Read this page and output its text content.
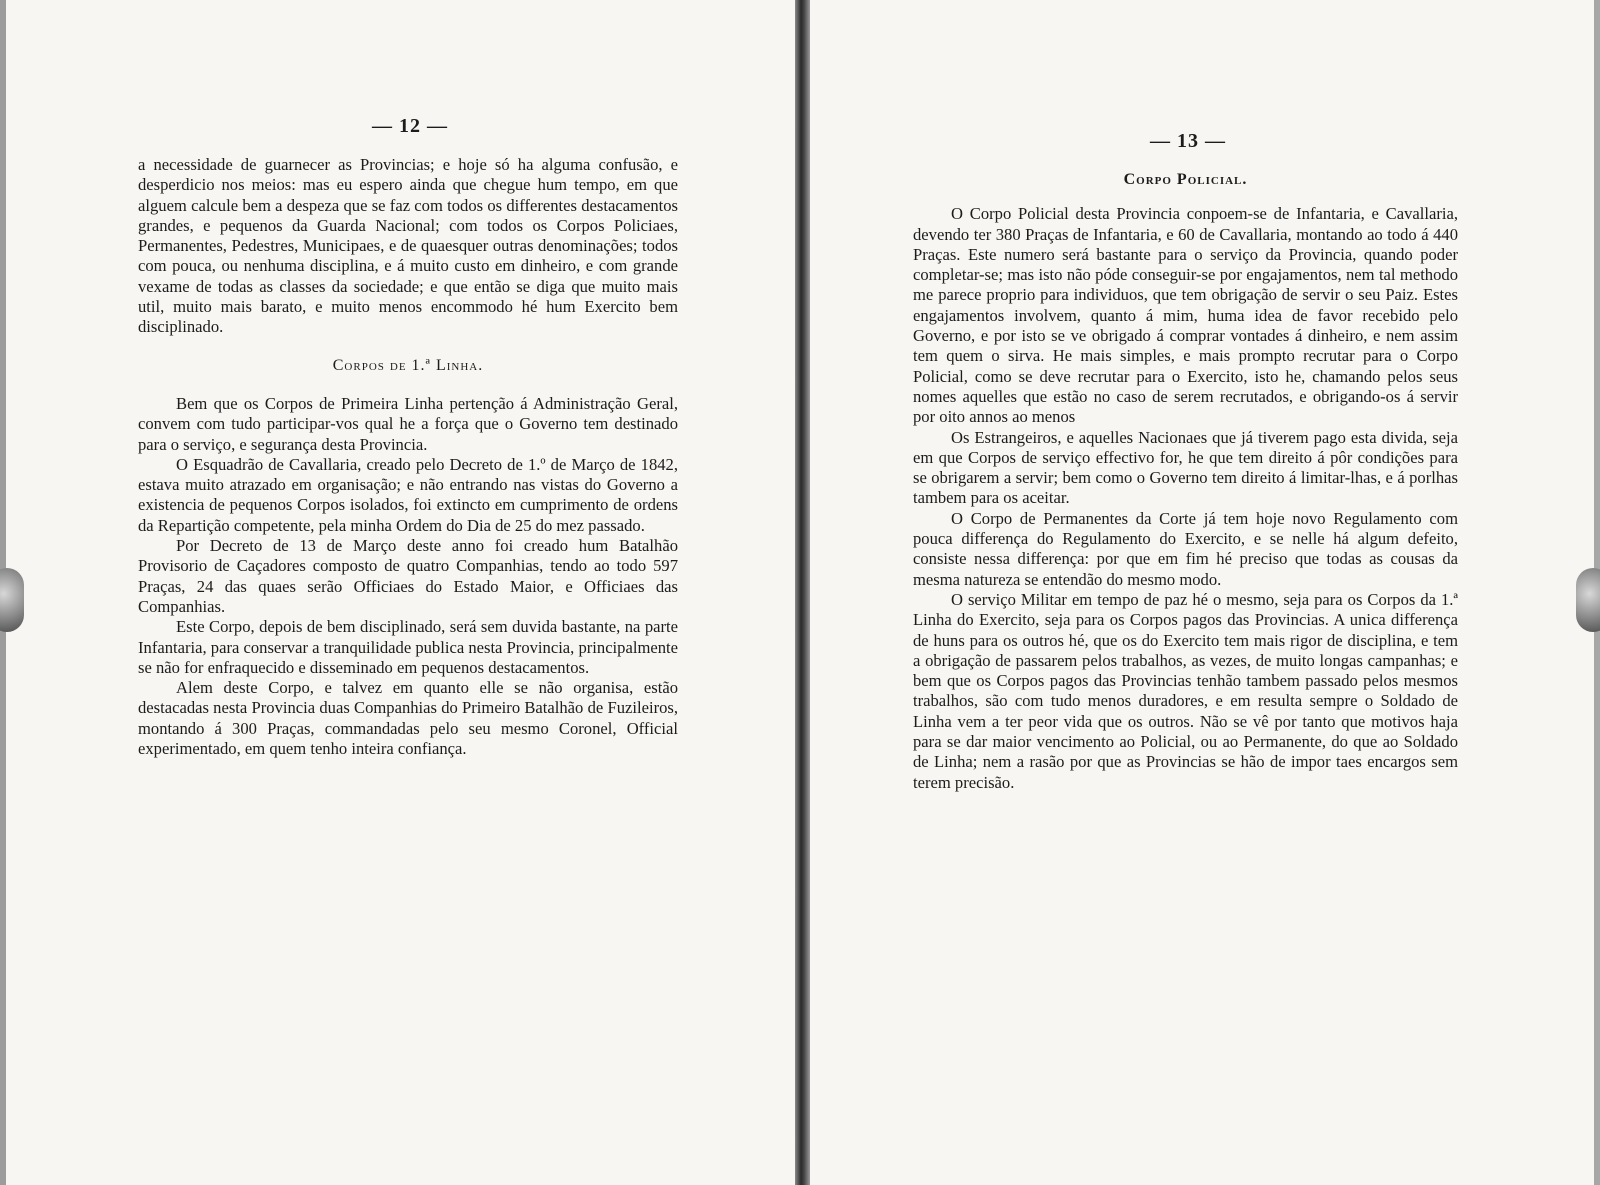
— 12 —

a necessidade de guarnecer as Provincias; e hoje só ha alguma confusão, e desperdicio nos meios: mas eu espero ainda que chegue hum tempo, em que alguem calcule bem a despeza que se faz com todos os differentes destacamentos grandes, e pequenos da Guarda Nacional; com todos os Corpos Policiaes, Permanentes, Pedestres, Municipaes, e de quaesquer outras denominações; todos com pouca, ou nenhuma disciplina, e á muito custo em dinheiro, e com grande vexame de todas as classes da sociedade; e que então se diga que muito mais util, muito mais barato, e muito menos encommodo hé hum Exercito bem disciplinado.

Corpos de 1.ª Linha.

Bem que os Corpos de Primeira Linha pertenção á Administração Geral, convem com tudo participar-vos qual he a força que o Governo tem destinado para o serviço, e segurança desta Provincia.

O Esquadrão de Cavallaria, creado pelo Decreto de 1.º de Março de 1842, estava muito atrazado em organisação; e não entrando nas vistas do Governo a existencia de pequenos Corpos isolados, foi extincto em cumprimento de ordens da Repartição competente, pela minha Ordem do Dia de 25 do mez passado.

Por Decreto de 13 de Março deste anno foi creado hum Batalhão Provisorio de Caçadores composto de quatro Companhias, tendo ao todo 597 Praças, 24 das quaes serão Officiaes do Estado Maior, e Officiaes das Companhias.

Este Corpo, depois de bem disciplinado, será sem duvida bastante, na parte Infantaria, para conservar a tranquilidade publica nesta Provincia, principalmente se não for enfraquecido e disseminado em pequenos destacamentos.

Alem deste Corpo, e talvez em quanto elle se não organisa, estão destacadas nesta Provincia duas Companhias do Primeiro Batalhão de Fuzileiros, montando á 300 Praças, commandadas pelo seu mesmo Coronel, Official experimentado, em quem tenho inteira confiança.

— 13 —

Corpo Policial.

O Corpo Policial desta Provincia conpoem-se de Infantaria, e Cavallaria, devendo ter 380 Praças de Infantaria, e 60 de Cavallaria, montando ao todo á 440 Praças. Este numero será bastante para o serviço da Provincia, quando poder completar-se; mas isto não póde conseguir-se por engajamentos, nem tal methodo me parece proprio para individuos, que tem obrigação de servir o seu Paiz. Estes engajamentos involvem, quanto á mim, huma idea de favor recebido pelo Governo, e por isto se ve obrigado á comprar vontades á dinheiro, e nem assim tem quem o sirva. He mais simples, e mais prompto recrutar para o Corpo Policial, como se deve recrutar para o Exercito, isto he, chamando pelos seus nomes aquelles que estão no caso de serem recrutados, e obrigando-os á servir por oito annos ao menos

Os Estrangeiros, e aquelles Nacionaes que já tiverem pago esta divida, seja em que Corpos de serviço effectivo for, he que tem direito á pôr condições para se obrigarem a servir; bem como o Governo tem direito á limitar-lhas, e á porlhas tambem para os aceitar.

O Corpo de Permanentes da Corte já tem hoje novo Regulamento com pouca differença do Regulamento do Exercito, e se nelle há algum defeito, consiste nessa differença: por que em fim hé preciso que todas as cousas da mesma natureza se entendão do mesmo modo.

O serviço Militar em tempo de paz hé o mesmo, seja para os Corpos da 1.ª Linha do Exercito, seja para os Corpos pagos das Provincias. A unica differença de huns para os outros hé, que os do Exercito tem mais rigor de disciplina, e tem a obrigação de passarem pelos trabalhos, as vezes, de muito longas campanhas; e bem que os Corpos pagos das Provincias tenhão tambem passado pelos mesmos trabalhos, são com tudo menos duradores, e em resulta sempre o Soldado de Linha vem a ter peor vida que os outros. Não se vê por tanto que motivos haja para se dar maior vencimento ao Policial, ou ao Permanente, do que ao Soldado de Linha; nem a rasão por que as Provincias se hão de impor taes encargos sem terem precisão.
